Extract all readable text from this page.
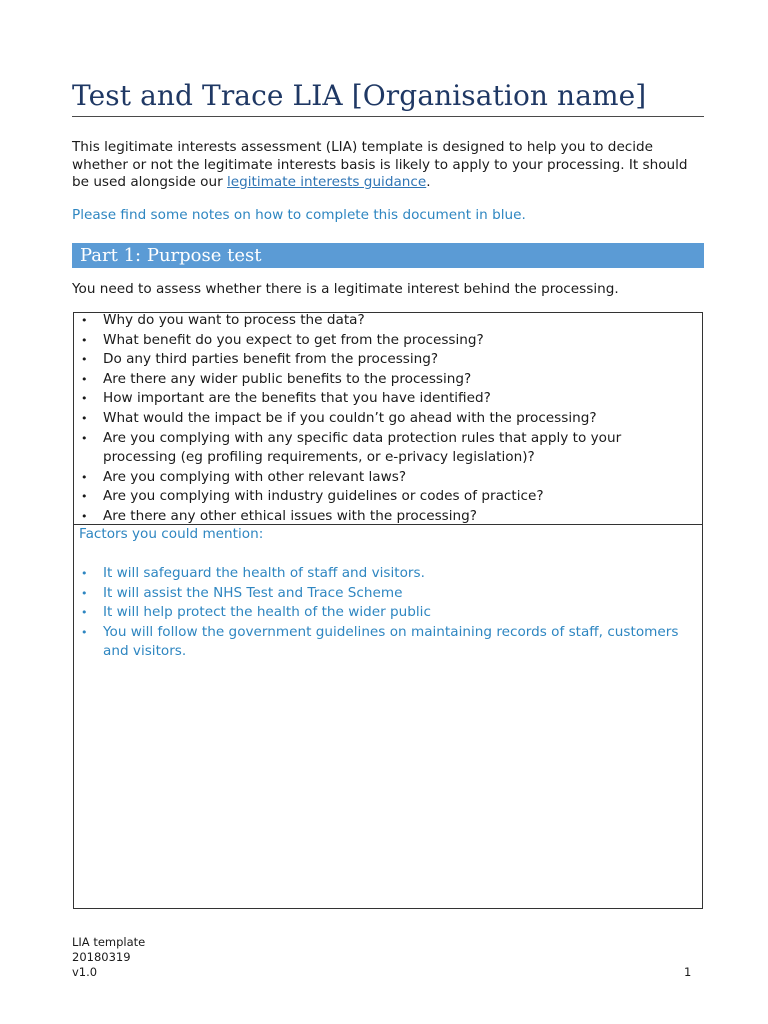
Test and Trace LIA [Organisation name]

This legitimate interests assessment (LIA) template is designed to help you to decide whether or not the legitimate interests basis is likely to apply to your processing. It should be used alongside our legitimate interests guidance.

Please find some notes on how to complete this document in blue.

Part 1: Purpose test

You need to assess whether there is a legitimate interest behind the processing.

• Why do you want to process the data?
• What benefit do you expect to get from the processing?
• Do any third parties benefit from the processing?
• Are there any wider public benefits to the processing?
• How important are the benefits that you have identified?
• What would the impact be if you couldn’t go ahead with the processing?
• Are you complying with any specific data protection rules that apply to your processing (eg profiling requirements, or e-privacy legislation)?
• Are you complying with other relevant laws?
• Are you complying with industry guidelines or codes of practice?
• Are there any other ethical issues with the processing?

Factors you could mention:

• It will safeguard the health of staff and visitors.
• It will assist the NHS Test and Trace Scheme
• It will help protect the health of the wider public
• You will follow the government guidelines on maintaining records of staff, customers and visitors.
LIA template
20180319
v1.0	1
